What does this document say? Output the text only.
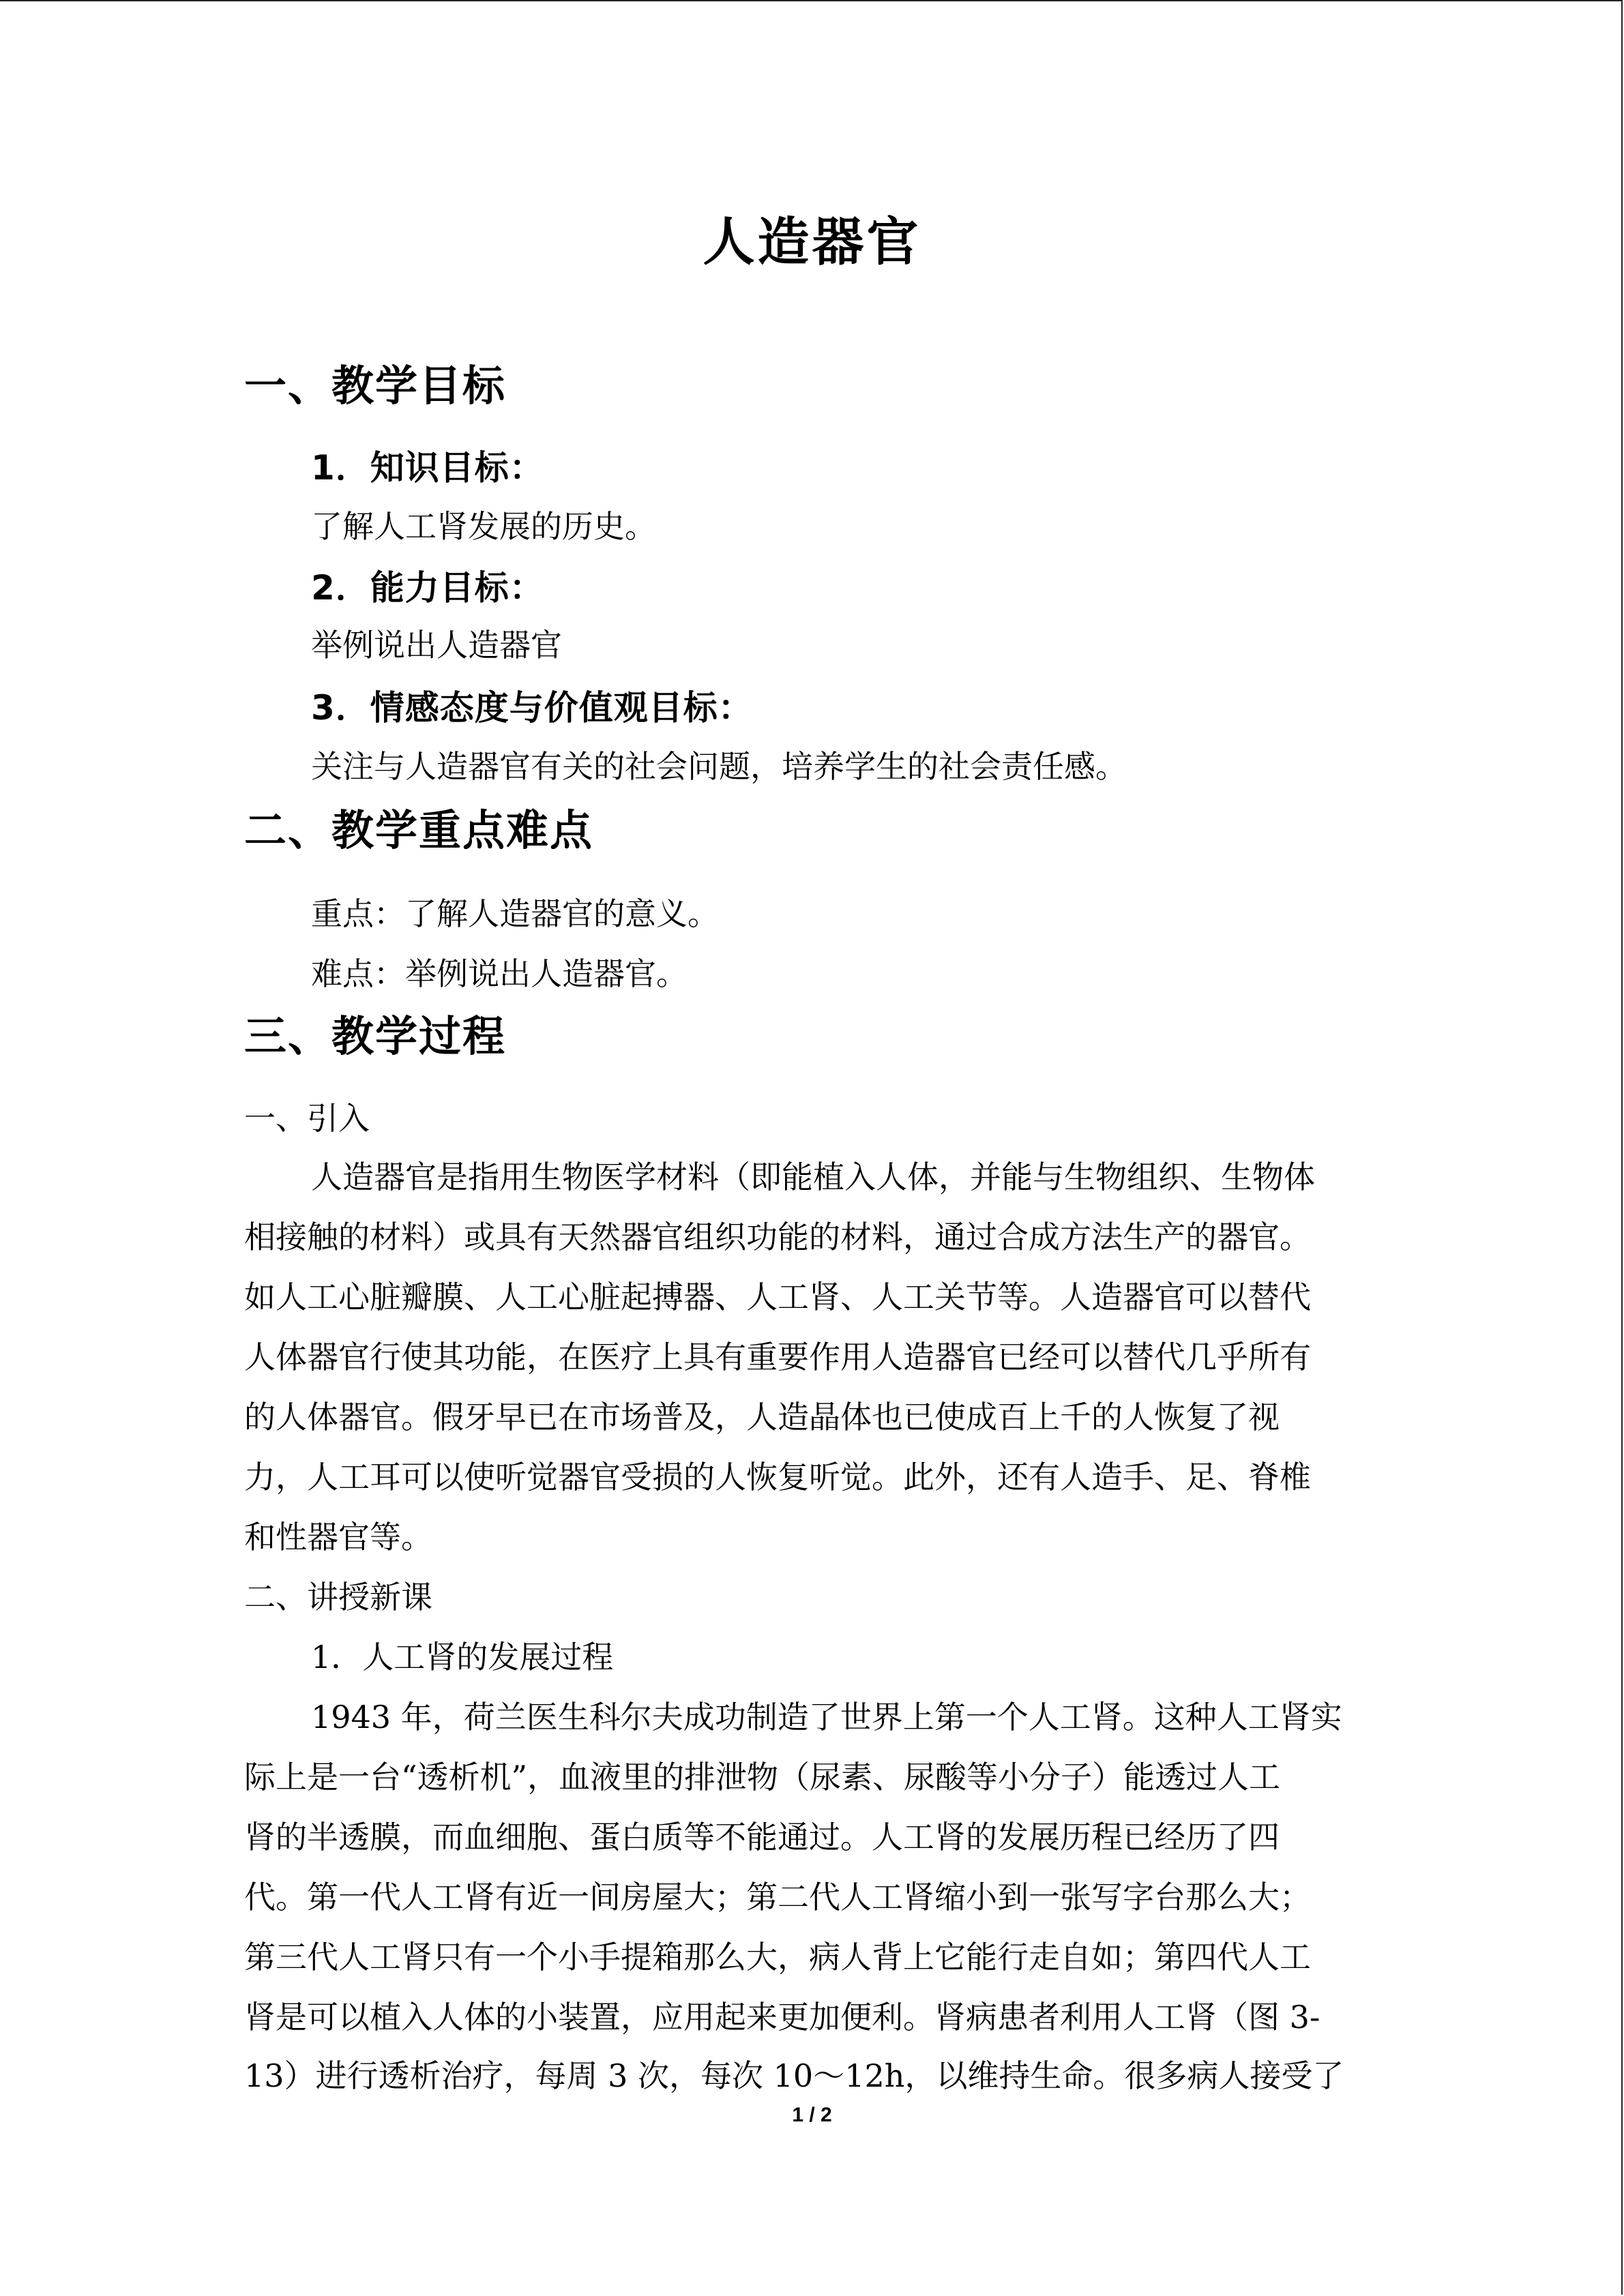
人造器官
一、教学目标
1．知识目标：
了解人工肾发展的历史。
2．能力目标：
举例说出人造器官
3．情感态度与价值观目标：
关注与人造器官有关的社会问题，培养学生的社会责任感。
二、教学重点难点
重点：了解人造器官的意义。
难点：举例说出人造器官。
三、教学过程
一、引入
人造器官是指用生物医学材料（即能植入人体，并能与生物组织、生物体
相接触的材料）或具有天然器官组织功能的材料，通过合成方法生产的器官。
如人工心脏瓣膜、人工心脏起搏器、人工肾、人工关节等。人造器官可以替代
人体器官行使其功能，在医疗上具有重要作用人造器官已经可以替代几乎所有
的人体器官。假牙早已在市场普及，人造晶体也已使成百上千的人恢复了视
力，人工耳可以使听觉器官受损的人恢复听觉。此外，还有人造手、足、脊椎
和性器官等。
二、讲授新课
1．人工肾的发展过程
1943 年，荷兰医生科尔夫成功制造了世界上第一个人工肾。这种人工肾实
际上是一台“透析机”，血液里的排泄物（尿素、尿酸等小分子）能透过人工
肾的半透膜，而血细胞、蛋白质等不能通过。人工肾的发展历程已经历了四
代。第一代人工肾有近一间房屋大；第二代人工肾缩小到一张写字台那么大；
第三代人工肾只有一个小手提箱那么大，病人背上它能行走自如；第四代人工
肾是可以植入人体的小装置，应用起来更加便利。肾病患者利用人工肾（图 3-
13）进行透析治疗，每周 3 次，每次 10～12h，以维持生命。很多病人接受了
1 / 2
